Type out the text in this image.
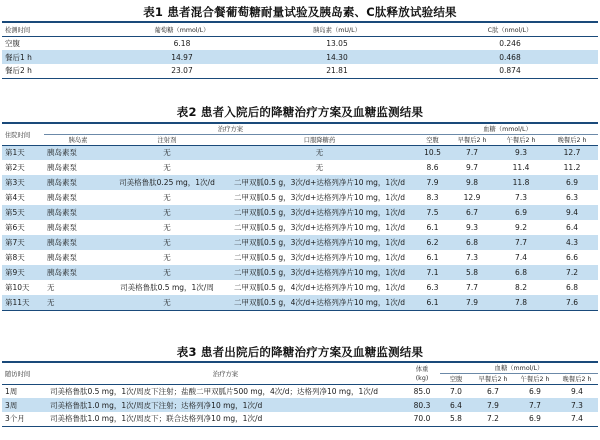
表1 患者混合餐葡萄糖耐量试验及胰岛素、C肽释放试验结果
检测时间	葡萄糖（mmol/L）	胰岛素（mU/L）	C肽（nmol/L）
空腹	6.18	13.05	0.246
餐后1 h	14.97	14.30	0.468
餐后2 h	23.07	21.81	0.874
表2 患者入院后的降糖治疗方案及血糖监测结果
住院时间	治疗方案			血糖（mmol/L）			
	胰岛素	注射剂	口服降糖药	空腹	早餐后2 h	午餐后2 h	晚餐后2 h
第1天	胰岛素泵	无	无	10.5	7.7	9.3	12.7
第2天	胰岛素泵	无	无	8.6	9.7	11.4	11.2
第3天	胰岛素泵	司美格鲁肽0.25 mg，1次/d	二甲双胍0.5 g，3次/d+达格列净片10 mg，1次/d	7.9	9.8	11.8	6.9
第4天	胰岛素泵	无	二甲双胍0.5 g，3次/d+达格列净片10 mg，1次/d	8.3	12.9	7.3	6.3
第5天	胰岛素泵	无	二甲双胍0.5 g，3次/d+达格列净片10 mg，1次/d	7.5	6.7	6.9	9.4
第6天	胰岛素泵	无	二甲双胍0.5 g，3次/d+达格列净片10 mg，1次/d	6.1	9.3	9.2	6.4
第7天	胰岛素泵	无	二甲双胍0.5 g，3次/d+达格列净片10 mg，1次/d	6.2	6.8	7.7	4.3
第8天	胰岛素泵	无	二甲双胍0.5 g，3次/d+达格列净片10 mg，1次/d	6.1	7.3	7.4	6.6
第9天	胰岛素泵	无	二甲双胍0.5 g，3次/d+达格列净片10 mg，1次/d	7.1	5.8	6.8	7.2
第10天	无	司美格鲁肽0.5 mg，1次/周	二甲双胍0.5 g，4次/d+达格列净片10 mg，1次/d	6.3	7.7	8.2	6.8
第11天	无	无	二甲双胍0.5 g，4次/d+达格列净片10 mg，1次/d	6.1	7.9	7.8	7.6
表3 患者出院后的降糖治疗方案及血糖监测结果
随访时间	治疗方案	体重	血糖（mmol/L）			
		(kg)	空腹	早餐后2 h	午餐后2 h	晚餐后2 h
1周	司美格鲁肽0.5 mg，1次/周皮下注射；盐酸二甲双胍片500 mg，4次/d；达格列净10 mg，1次/d	85.0	7.0	6.7	6.9	9.4
3周	司美格鲁肽1.0 mg，1次/周皮下注射；达格列净10 mg，1次/d	80.3	6.4	7.9	7.7	7.3
3个月	司美格鲁肽1.0 mg，1次/周皮下；联合达格列净10 mg，1次/d	70.0	5.8	7.2	6.9	7.4
